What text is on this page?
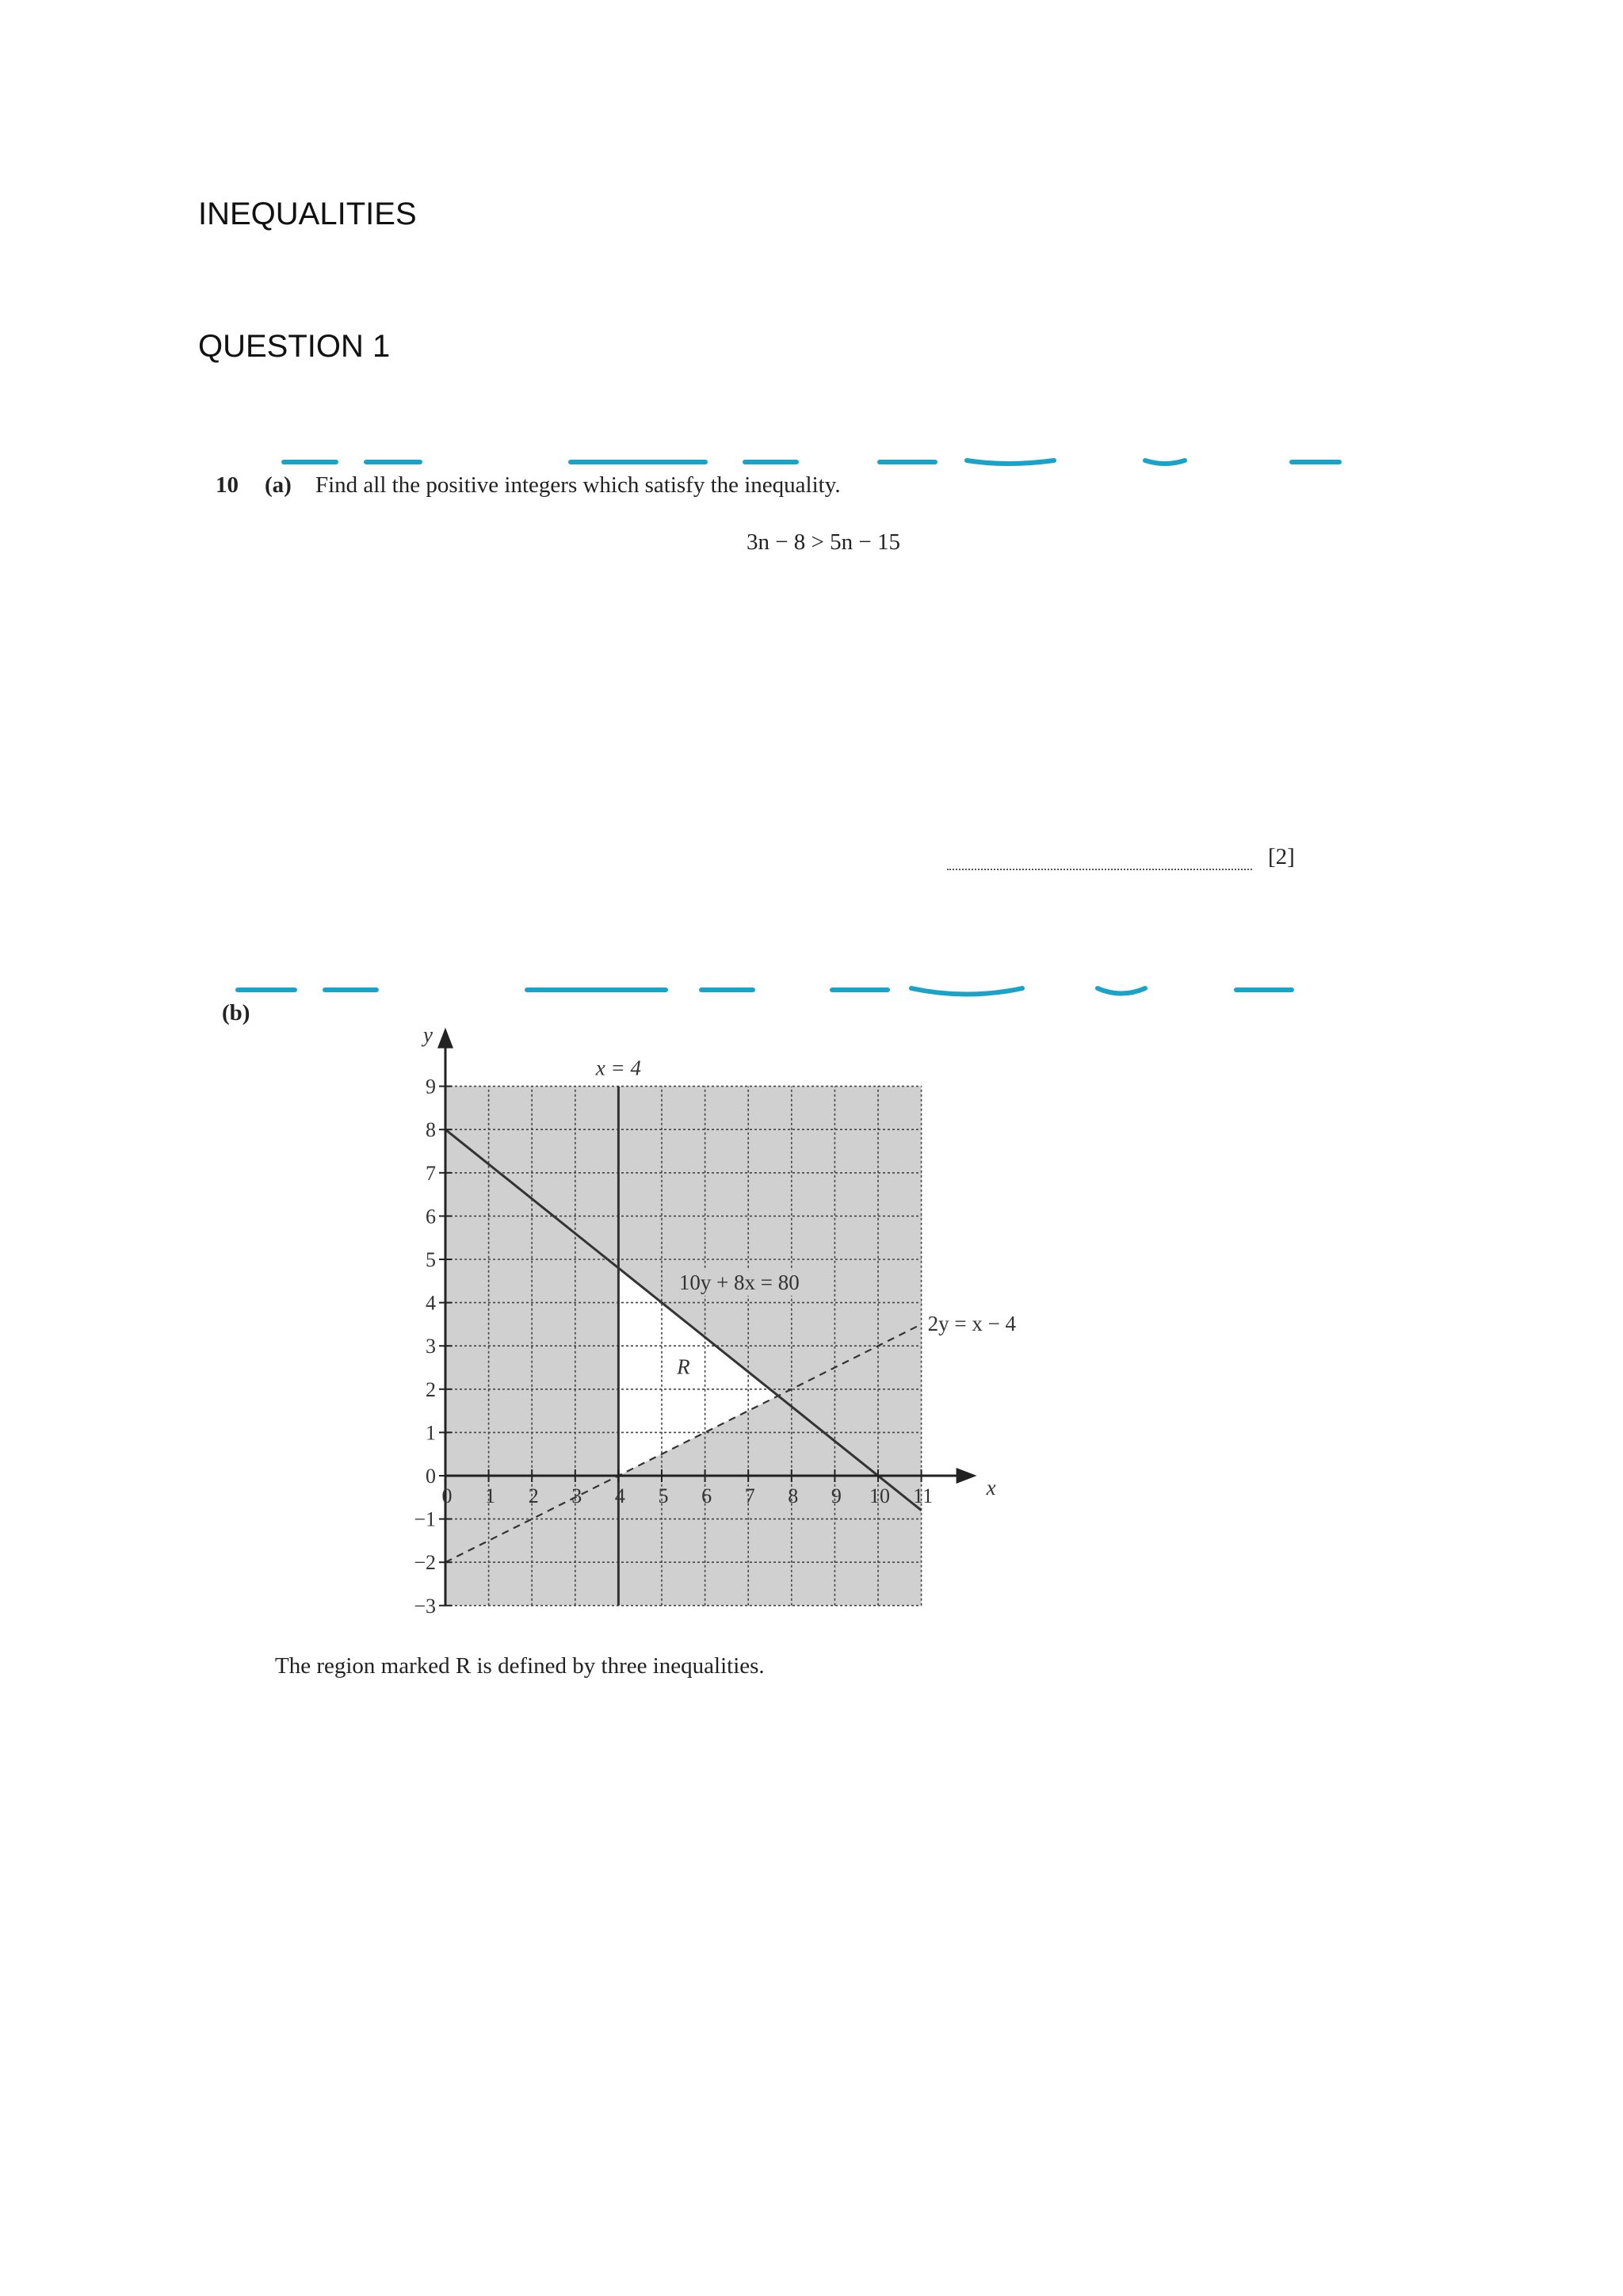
INEQUALITIES
QUESTION 1
10 (a) Find all the positive integers which satisfy the inequality.
3n − 8 > 5n − 15
[2]
(b)
−3
−2
−1
0
1
2
3
4
5
6
7
8
9
0 1 2 3 4 5 6 7 8 9 10 11
y
x
x = 4
10y + 8x = 80
2y = x − 4
R
The region marked R is defined by three inequalities.
